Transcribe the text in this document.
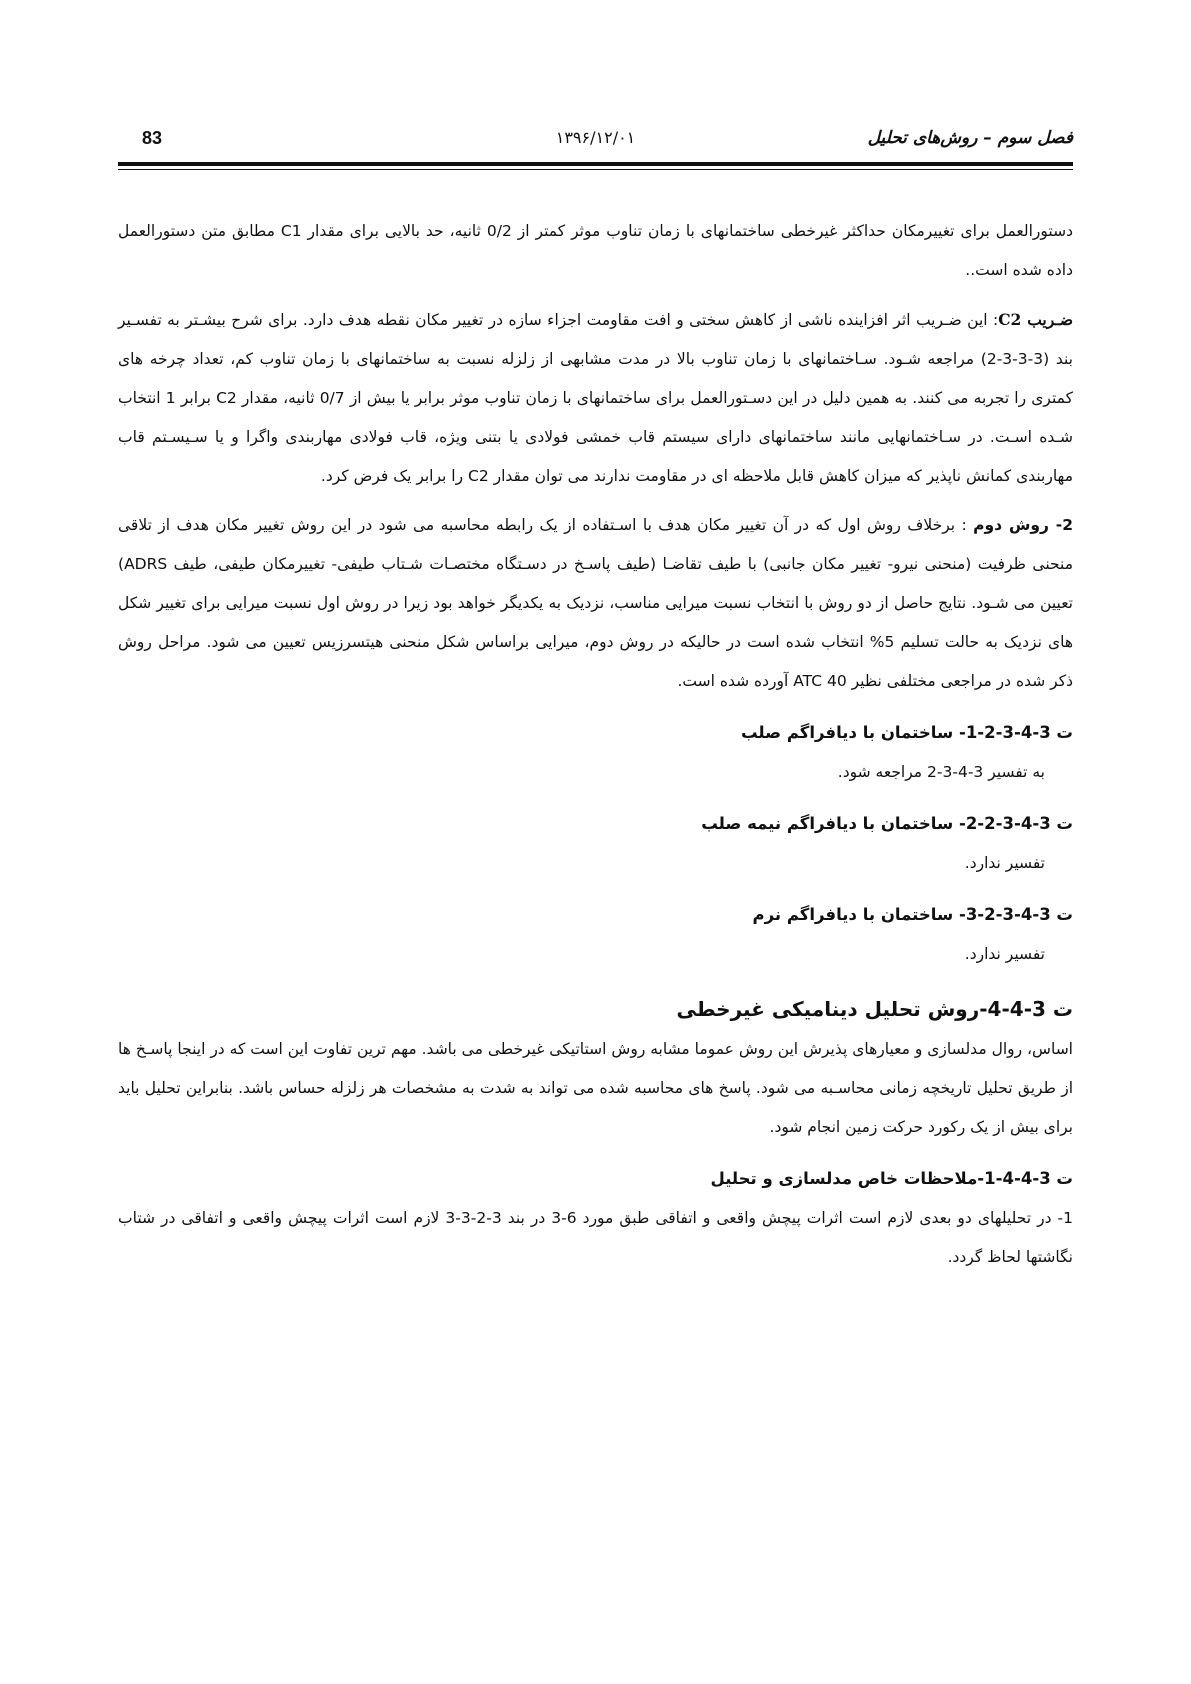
فصل سوم – روش‌های تحلیل
۱۳۹۶/۱۲/۰۱
83

دستورالعمل برای تغییرمکان حداکثر غیرخطی ساختمانهای با زمان تناوب موثر کمتر از 0/2 ثانیه، حد بالایی برای مقدار C1 مطابق متن دستورالعمل داده شده است..

ضـریب C2: این ضـریب اثر افزاینده ناشی از کاهش سختی و افت مقاومت اجزاء سازه در تغییر مکان نقطه هدف دارد. برای شرح بیشـتر به تفسـیر بند (3-3-3-2) مراجعه شـود. سـاختمانهای با زمان تناوب بالا در مدت مشابهی از زلزله نسبت به ساختمانهای با زمان تناوب کم، تعداد چرخه های کمتری را تجربه می کنند. به همین دلیل در این دسـتورالعمل برای ساختمانهای با زمان تناوب موثر برابر یا بیش از 0/7 ثانیه، مقدار C2 برابر 1 انتخاب شـده اسـت. در سـاختمانهایی مانند ساختمانهای دارای سیستم قاب خمشی فولادی یا بتنی ویژه، قاب فولادی مهاربندی واگرا و یا سـیسـتم قاب مهاربندی کمانش ناپذیر که میزان کاهش قابل ملاحظه ای در مقاومت ندارند می توان مقدار C2 را برابر یک فرض کرد.

2- روش دوم : برخلاف روش اول که در آن تغییر مکان هدف با اسـتفاده از یک رابطه محاسبه می شود در این روش تغییر مکان هدف از تلاقی منحنی ظرفیت (منحنی نیرو- تغییر مکان جانبی) با طیف تقاضـا (طیف پاسـخ در دسـتگاه مختصـات شـتاب طیفی- تغییرمکان طیفی، طیف ADRS) تعیین می شـود. نتایج حاصل از دو روش با انتخاب نسبت میرایی مناسب، نزدیک به یکدیگر خواهد بود زیرا در روش اول نسبت میرایی برای تغییر شکل های نزدیک به حالت تسلیم 5% انتخاب شده است در حالیکه در روش دوم، میرایی براساس شکل منحنی هیتسرزیس تعیین می شود. مراحل روش ذکر شده در مراجعی مختلفی نظیر ATC 40 آورده شده است.

ت 3-4-3-2-1- ساختمان با دیافراگم صلب

به تفسیر 3-4-3-2 مراجعه شود.

ت 3-4-3-2-2- ساختمان با دیافراگم نیمه صلب

تفسیر ندارد.

ت 3-4-3-2-3- ساختمان با دیافراگم نرم

تفسیر ندارد.

ت 3-4-4-روش تحلیل دینامیکی غیرخطی

اساس، روال مدلسازی و معیارهای پذیرش این روش عموما مشابه روش استاتیکی غیرخطی می باشد. مهم ترین تفاوت این است که در اینجا پاسـخ ها از طریق تحلیل تاریخچه زمانی محاسـبه می شود. پاسخ های محاسبه شده می تواند به شدت به مشخصات هر زلزله حساس باشد. بنابراین تحلیل باید برای بیش از یک رکورد حرکت زمین انجام شود.

ت 3-4-4-1-ملاحظات خاص مدلسازی و تحلیل

1- در تحلیلهای دو بعدی لازم است اثرات پیچش واقعی و اتفاقی طبق مورد 6-3 در بند 3-2-3-3 لازم است اثرات پیچش واقعی و اتفاقی در شتاب نگاشتها لحاظ گردد.
